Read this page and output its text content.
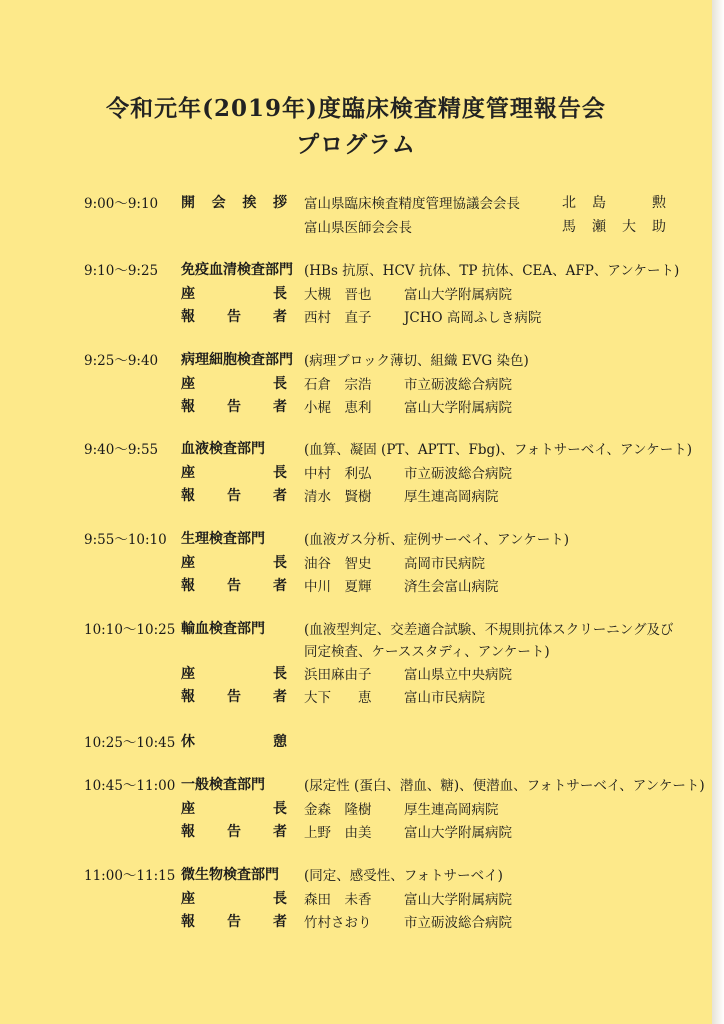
令和元年(2019年)度臨床検査精度管理報告会
プログラム
9:00～9:10 開会挨拶 富山県臨床検査精度管理協議会会長	北島　勲
富山県医師会会長	馬瀬大助
9:10～9:25 免疫血清検査部門 (HBs 抗原、HCV 抗体、TP 抗体、CEA、AFP、アンケート)
座長 大槻　晋也 富山大学附属病院
報告者 西村　直子 JCHO 高岡ふしき病院
9:25～9:40 病理細胞検査部門 (病理ブロック薄切、組織 EVG 染色)
座長 石倉　宗浩 市立砺波総合病院
報告者 小梶　恵利 富山大学附属病院
9:40～9:55 血液検査部門	(血算、凝固 (PT、APTT、Fbg)、フォトサーベイ、アンケート)
座長 中村　利弘 市立砺波総合病院
報告者 清水　賢樹 厚生連高岡病院
9:55～10:10 生理検査部門	(血液ガス分析、症例サーベイ、アンケート)
座長 油谷　智史 高岡市民病院
報告者 中川　夏輝 済生会富山病院
10:10～10:25 輸血検査部門	(血液型判定、交差適合試験、不規則抗体スクリーニング及び
同定検査、ケーススタディ、アンケート)
座長 浜田麻由子 富山県立中央病院
報告者 大下　　恵 富山市民病院
10:25～10:45 休憩
10:45～11:00 一般検査部門	(尿定性 (蛋白、潜血、糖)、便潜血、フォトサーベイ、アンケート)
座長 金森　隆樹 厚生連高岡病院
報告者 上野　由美 富山大学附属病院
11:00～11:15 微生物検査部門	(同定、感受性、フォトサーベイ)
座長 森田　未香 富山大学附属病院
報告者 竹村さおり 市立砺波総合病院
